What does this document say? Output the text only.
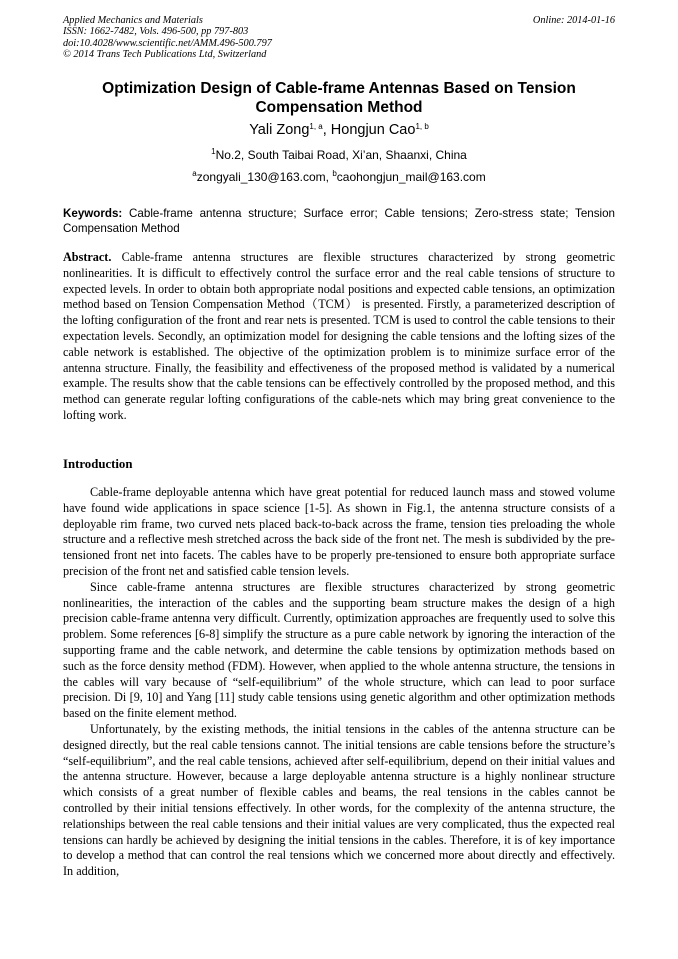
Applied Mechanics and Materials
ISSN: 1662-7482, Vols. 496-500, pp 797-803
doi:10.4028/www.scientific.net/AMM.496-500.797
© 2014 Trans Tech Publications Ltd, Switzerland
Online: 2014-01-16
Optimization Design of Cable-frame Antennas Based on Tension Compensation Method
Yali Zong$^{1, a}$, Hongjun Cao$^{1, b}$
$^1$No.2, South Taibai Road, Xi’an, Shaanxi, China
$^a$zongyali_130@163.com, $^b$caohongjun_mail@163.com
Keywords: Cable-frame antenna structure; Surface error; Cable tensions; Zero-stress state; Tension Compensation Method

Abstract. Cable-frame antenna structures are flexible structures characterized by strong geometric nonlinearities. It is difficult to effectively control the surface error and the real cable tensions of structure to expected levels. In order to obtain both appropriate nodal positions and expected cable tensions, an optimization method based on Tension Compensation Method（TCM） is presented. Firstly, a parameterized description of the lofting configuration of the front and rear nets is presented. TCM is used to control the cable tensions to their expectation levels. Secondly, an optimization model for designing the cable tensions and the lofting sizes of the cable network is established. The objective of the optimization problem is to minimize surface error of the antenna structure. Finally, the feasibility and effectiveness of the proposed method is validated by a numerical example. The results show that the cable tensions can be effectively controlled by the proposed method, and this method can generate regular lofting configurations of the cable-nets which may bring great convenience to the lofting work.

Introduction

Cable-frame deployable antenna which have great potential for reduced launch mass and stowed volume have found wide applications in space science [1-5]. As shown in Fig.1, the antenna structure consists of a deployable rim frame, two curved nets placed back-to-back across the frame, tension ties preloading the whole structure and a reflective mesh stretched across the back side of the front net. The mesh is subdivided by the pre-tensioned front net into facets. The cables have to be properly pre-tensioned to ensure both appropriate surface precision of the front net and satisfied cable tension levels.

Since cable-frame antenna structures are flexible structures characterized by strong geometric nonlinearities, the interaction of the cables and the supporting beam structure makes the design of a high precision cable-frame antenna very difficult. Currently, optimization approaches are frequently used to solve this problem. Some references [6-8] simplify the structure as a pure cable network by ignoring the interaction of the supporting frame and the cable network, and determine the cable tensions by optimization methods based on such as the force density method (FDM). However, when applied to the whole antenna structure, the tensions in the cables will vary because of “self-equilibrium” of the whole structure, which can lead to poor surface precision. Di [9, 10] and Yang [11] study cable tensions using genetic algorithm and other optimization methods based on the finite element method.

Unfortunately, by the existing methods, the initial tensions in the cables of the antenna structure can be designed directly, but the real cable tensions cannot. The initial tensions are cable tensions before the structure’s “self-equilibrium”, and the real cable tensions, achieved after self-equilibrium, depend on their initial values and the antenna structure. However, because a large deployable antenna structure is a highly nonlinear structure which consists of a great number of flexible cables and beams, the real tensions in the cables cannot be controlled by their initial tensions effectively. In other words, for the complexity of the antenna structure, the relationships between the real cable tensions and their initial values are very complicated, thus the expected real tensions can hardly be achieved by designing the initial tensions in the cables. Therefore, it is of key importance to develop a method that can control the real tensions which we concerned more about directly and effectively. In addition,
